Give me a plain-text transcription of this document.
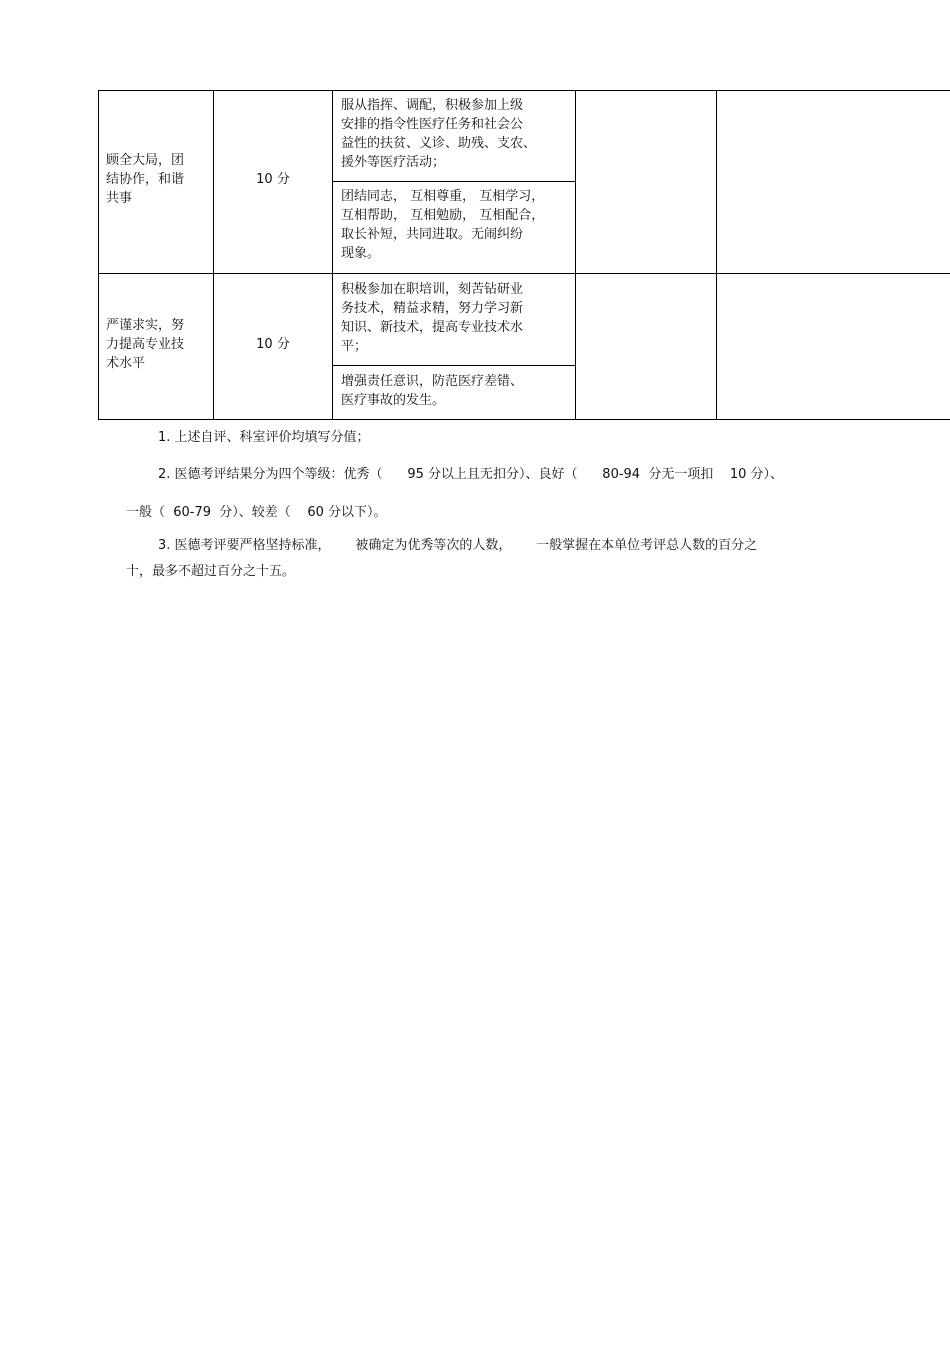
顾全大局，团
结协作，和谐
共事
10 分
服从指挥、调配，积极参加上级
安排的指令性医疗任务和社会公
益性的扶贫、义诊、助残、支农、
援外等医疗活动；
团结同志， 互相尊重， 互相学习，
互相帮助， 互相勉励， 互相配合，
取长补短，共同进取。无闹纠纷
现象。
严谨求实，努
力提高专业技
术水平
10 分
积极参加在职培训，刻苦钻研业
务技术，精益求精，努力学习新
知识、新技术，提高专业技术水
平；
增强责任意识，防范医疗差错、
医疗事故的发生。
1. 上述自评、科室评价均填写分值；
2. 医德考评结果分为四个等级：优秀（      95 分以上且无扣分）、良好（      80-94  分无一项扣    10 分）、
一般（  60-79  分）、较差（    60 分以下）。
3. 医德考评要严格坚持标准，      被确定为优秀等次的人数，      一般掌握在本单位考评总人数的百分之
十，最多不超过百分之十五。
